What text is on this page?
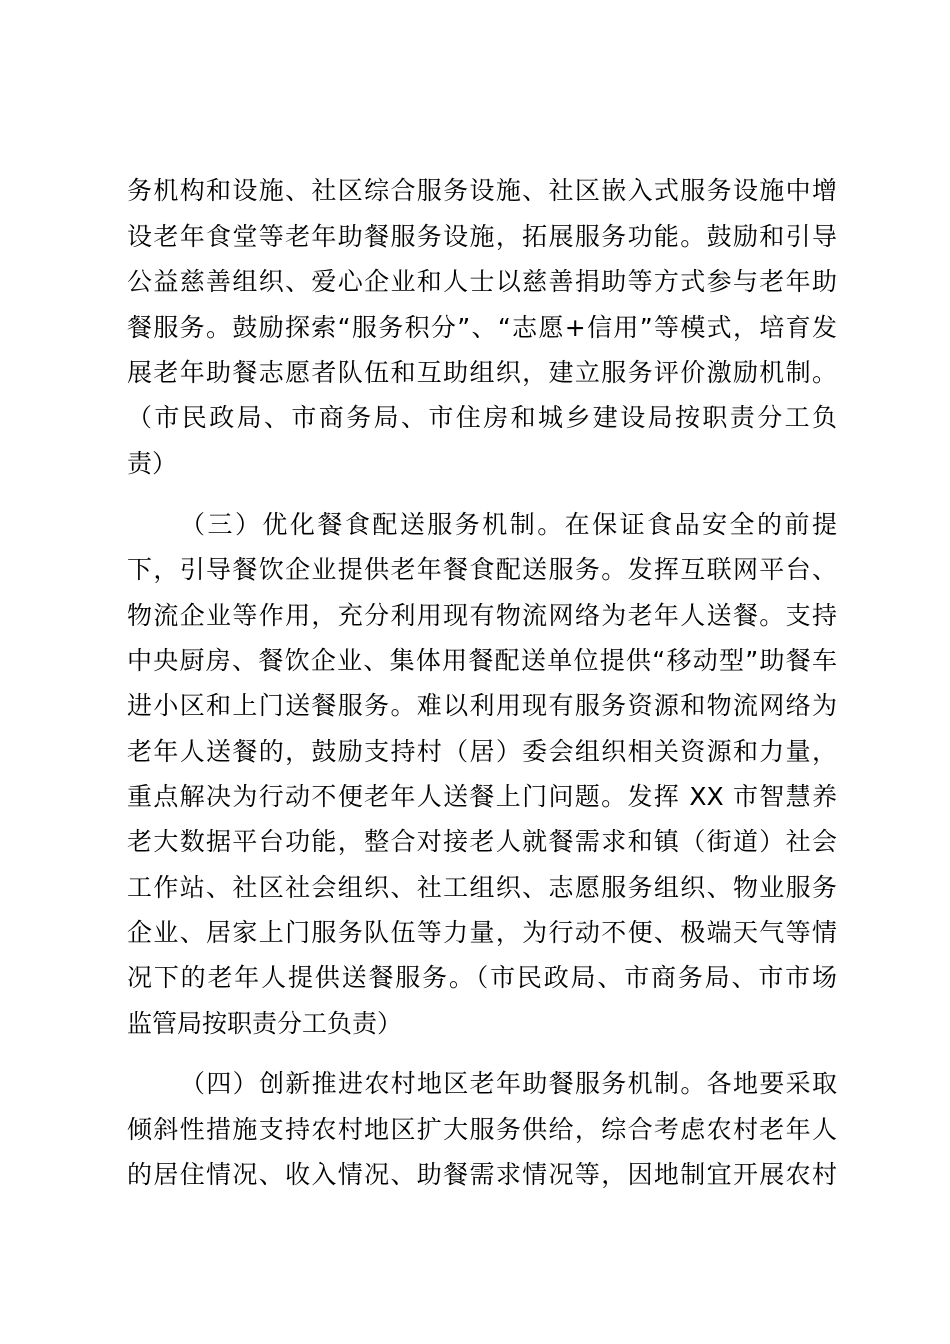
务机构和设施、社区综合服务设施、社区嵌入式服务设施中增
设老年食堂等老年助餐服务设施，拓展服务功能。鼓励和引导
公益慈善组织、爱心企业和人士以慈善捐助等方式参与老年助
餐服务。鼓励探索“服务积分”、“志愿+信用”等模式，培育发
展老年助餐志愿者队伍和互助组织，建立服务评价激励机制。
（市民政局、市商务局、市住房和城乡建设局按职责分工负
责）
（三）优化餐食配送服务机制。在保证食品安全的前提
下，引导餐饮企业提供老年餐食配送服务。发挥互联网平台、
物流企业等作用，充分利用现有物流网络为老年人送餐。支持
中央厨房、餐饮企业、集体用餐配送单位提供“移动型”助餐车
进小区和上门送餐服务。难以利用现有服务资源和物流网络为
老年人送餐的，鼓励支持村（居）委会组织相关资源和力量，
重点解决为行动不便老年人送餐上门问题。发挥 XX 市智慧养
老大数据平台功能，整合对接老人就餐需求和镇（街道）社会
工作站、社区社会组织、社工组织、志愿服务组织、物业服务
企业、居家上门服务队伍等力量，为行动不便、极端天气等情
况下的老年人提供送餐服务。（市民政局、市商务局、市市场
监管局按职责分工负责）
（四）创新推进农村地区老年助餐服务机制。各地要采取
倾斜性措施支持农村地区扩大服务供给，综合考虑农村老年人
的居住情况、收入情况、助餐需求情况等，因地制宜开展农村
